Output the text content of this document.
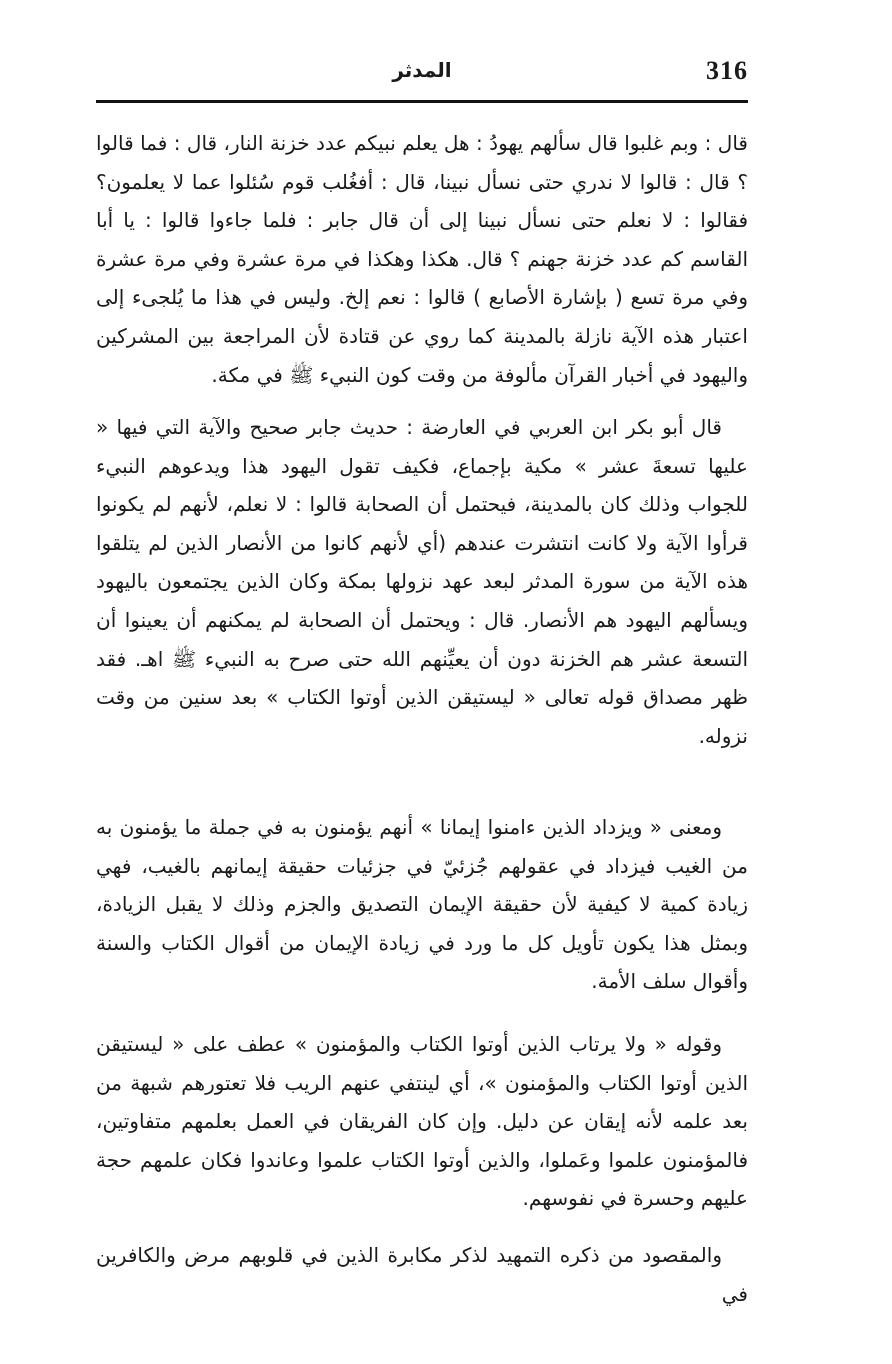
المدثر	316

قال : وبم غلبوا قال سألهم يهودُ : هل يعلم نبيكم عدد خزنة النار، قال : فما قالوا ؟ قال : قالوا لا ندري حتى نسأل نبينا، قال : أفغُلب قوم سُئلوا عما لا يعلمون؟فقالوا : لا نعلم حتى نسأل نبينا إلى أن قال جابر : فلما جاءوا قالوا : يا أبا القاسم كم عدد خزنة جهنم ؟ قال. هكذا وهكذا في مرة عشرة وفي مرة عشرة وفي مرة تسع ( بإشارة الأصابع ) قالوا : نعم إلخ. وليس في هذا ما يُلجىء إلى اعتبار هذه الآية نازلة بالمدينة كما روي عن قتادة لأن المراجعة بين المشركين واليهود في أخبار القرآن مألوفة من وقت كون النبيء ﷺ في مكة.

قال أبو بكر ابن العربي في العارضة : حديث جابر صحيح والآية التي فيها « عليها تسعةَ عشر » مكية بإجماع، فكيف تقول اليهود هذا ويدعوهم النبيء للجواب وذلك كان بالمدينة، فيحتمل أن الصحابة قالوا : لا نعلم، لأنهم لم يكونوا قرأوا الآية ولا كانت انتشرت عندهم (أي لأنهم كانوا من الأنصار الذين لم يتلقوا هذه الآية من سورة المدثر لبعد عهد نزولها بمكة وكان الذين يجتمعون باليهود ويسألهم اليهود هم الأنصار. قال : ويحتمل أن الصحابة لم يمكنهم أن يعينوا أن التسعة عشر هم الخزنة دون أن يعيِّنهم الله حتى صرح به النبيء ﷺ اهـ. فقد ظهر مصداق قوله تعالى « ليستيقن الذين أوتوا الكتاب » بعد سنين من وقت نزوله.

ومعنى « ويزداد الذين ءامنوا إيمانا » أنهم يؤمنون به في جملة ما يؤمنون به من الغيب فيزداد في عقولهم جُزئيّ في جزئيات حقيقة إيمانهم بالغيب، فهي زيادة كمية لا كيفية لأن حقيقة الإيمان التصديق والجزم وذلك لا يقبل الزيادة، وبمثل هذا يكون تأويل كل ما ورد في زيادة الإيمان من أقوال الكتاب والسنة وأقوال سلف الأمة.

وقوله « ولا يرتاب الذين أوتوا الكتاب والمؤمنون » عطف على « ليستيقن الذين أوتوا الكتاب والمؤمنون »، أي لينتفي عنهم الريب فلا تعتورهم شبهة من بعد علمه لأنه إيقان عن دليل. وإن كان الفريقان في العمل بعلمهم متفاوتين، فالمؤمنون علموا وعَملوا، والذين أوتوا الكتاب علموا وعاندوا فكان علمهم حجة عليهم وحسرة في نفوسهم.

والمقصود من ذكره التمهيد لذكر مكابرة الذين في قلوبهم مرض والكافرين في
